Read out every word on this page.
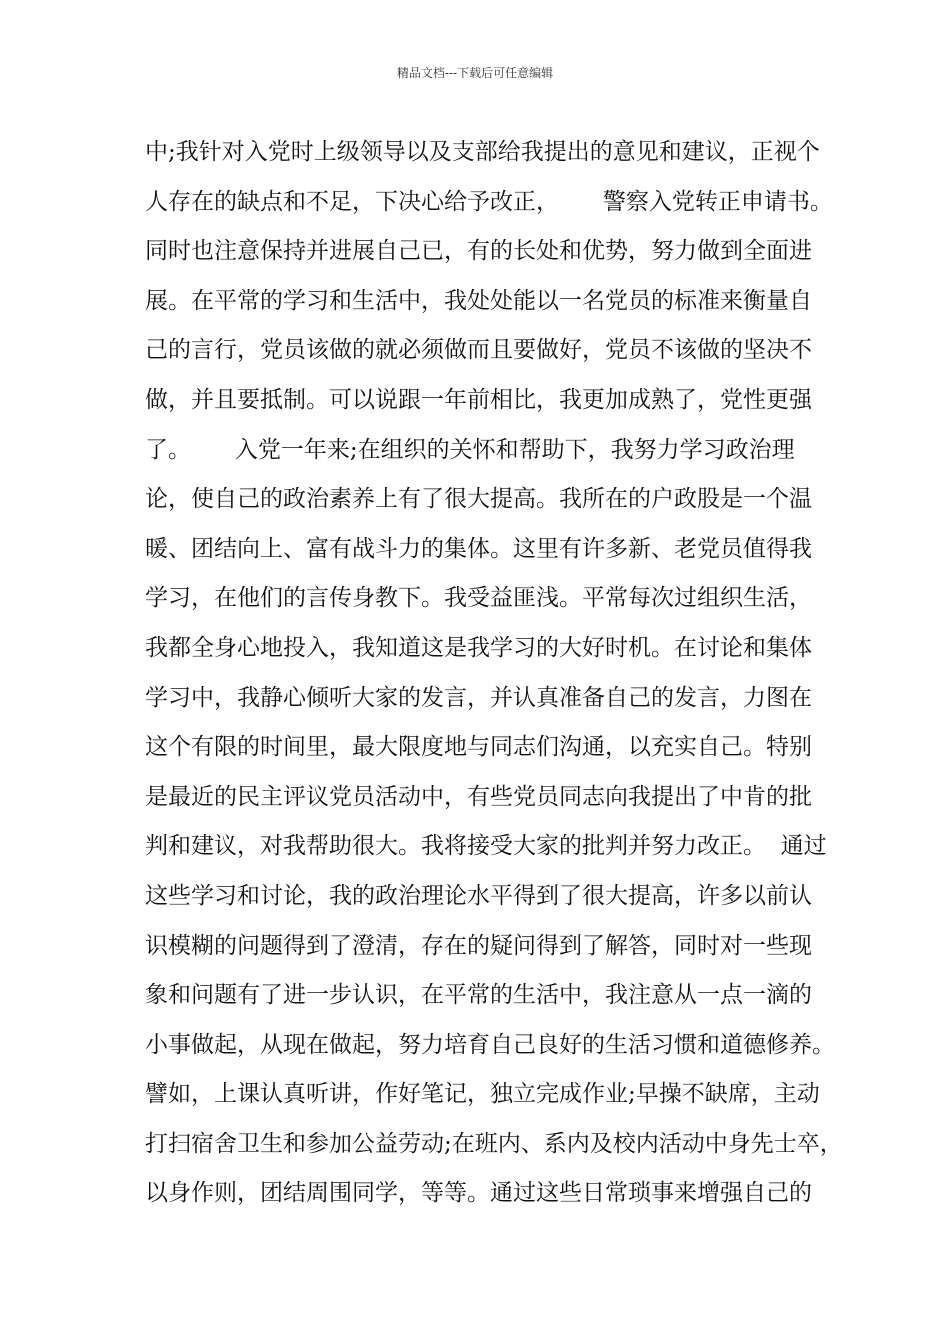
精品文档---下载后可任意编辑
中;我针对入党时上级领导以及支部给我提出的意见和建议，正视个
人存在的缺点和不足，下决心给予改正，      警察入党转正申请书。
同时也注意保持并进展自己已，有的长处和优势，努力做到全面进
展。在平常的学习和生活中，我处处能以一名党员的标准来衡量自
己的言行，党员该做的就必须做而且要做好，党员不该做的坚决不
做，并且要抵制。可以说跟一年前相比，我更加成熟了，党性更强
了。      入党一年来;在组织的关怀和帮助下，我努力学习政治理
论，使自己的政治素养上有了很大提高。我所在的户政股是一个温
暖、团结向上、富有战斗力的集体。这里有许多新、老党员值得我
学习，在他们的言传身教下。我受益匪浅。平常每次过组织生活，
我都全身心地投入，我知道这是我学习的大好时机。在讨论和集体
学习中，我静心倾听大家的发言，并认真准备自己的发言，力图在
这个有限的时间里，最大限度地与同志们沟通，以充实自己。特别
是最近的民主评议党员活动中，有些党员同志向我提出了中肯的批
判和建议，对我帮助很大。我将接受大家的批判并努力改正。  通过
这些学习和讨论，我的政治理论水平得到了很大提高，许多以前认
识模糊的问题得到了澄清，存在的疑问得到了解答，同时对一些现
象和问题有了进一步认识，在平常的生活中，我注意从一点一滴的
小事做起，从现在做起，努力培育自己良好的生活习惯和道德修养。
譬如，上课认真听讲，作好笔记，独立完成作业;早操不缺席，主动
打扫宿舍卫生和参加公益劳动;在班内、系内及校内活动中身先士卒，
以身作则，团结周围同学，等等。通过这些日常琐事来增强自己的
